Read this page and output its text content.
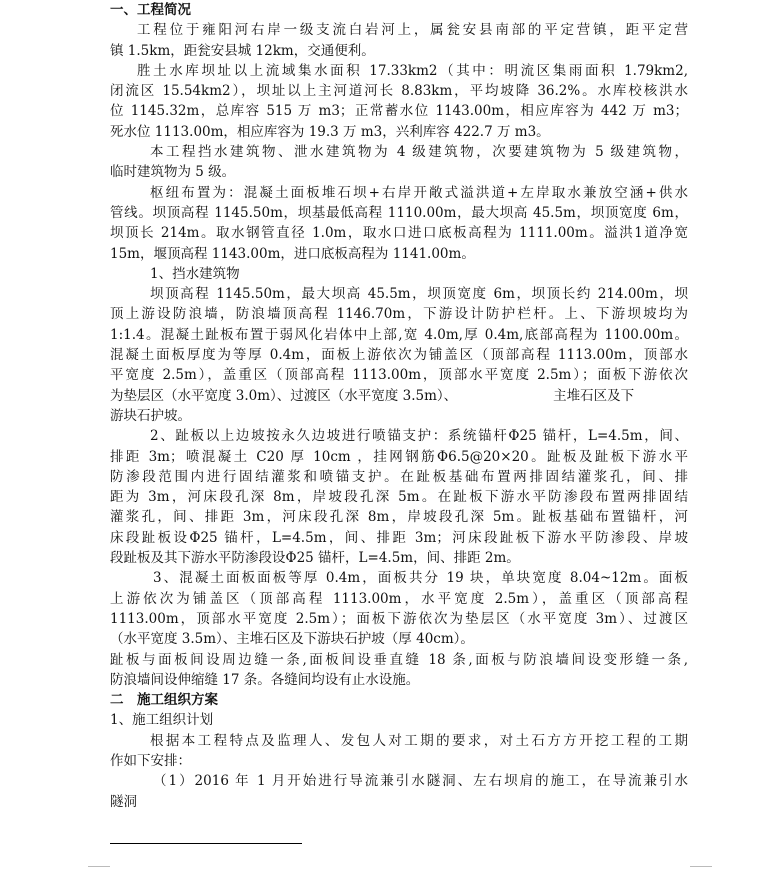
一、工程简况
工程位于雍阳河右岸一级支流白岩河上，属瓮安县南部的平定营镇，距平定营
镇 1.5km，距瓮安县城 12km，交通便利。
胜土水库坝址以上流域集水面积 17.33km2（其中：明流区集雨面积 1.79km2,
闭流区 15.54km2），坝址以上主河道河长 8.83km，平均坡降 36.2%。水库校核洪水
位 1145.32m，总库容 515 万 m3；正常蓄水位 1143.00m，相应库容为 442 万 m3；
死水位 1113.00m，相应库容为 19.3 万 m3，兴利库容 422.7 万 m3。
本工程挡水建筑物、泄水建筑物为 4 级建筑物，次要建筑物为 5 级建筑物，
临时建筑物为 5 级。
枢纽布置为：混凝土面板堆石坝+右岸开敞式溢洪道+左岸取水兼放空涵+供水
管线。坝顶高程 1145.50m，坝基最低高程 1110.00m，最大坝高 45.5m，坝顶宽度 6m，
坝顶长 214m。取水钢管直径 1.0m，取水口进口底板高程为 1111.00m。溢洪1道净宽
15m，堰顶高程 1143.00m，进口底板高程为 1141.00m。
1、挡水建筑物
坝顶高程 1145.50m，最大坝高 45.5m，坝顶宽度 6m，坝顶长约 214.00m，坝
顶上游设防浪墙，防浪墙顶高程 1146.70m，下游设计防护栏杆。上、下游坝坡均为
1:1.4。混凝土趾板布置于弱风化岩体中上部,宽 4.0m,厚 0.4m,底部高程为 1100.00m。
混凝土面板厚度为等厚 0.4m，面板上游依次为铺盖区（顶部高程 1113.00m，顶部水
平宽度 2.5m），盖重区（顶部高程 1113.00m，顶部水平宽度 2.5m）；面板下游依次
为垫层区（水平宽度 3.0m）、过渡区（水平宽度 3.5m）、	主堆石区及下
游块石护坡。
2、趾板以上边坡按永久边坡进行喷锚支护：系统锚杆Φ25 锚杆，L=4.5m，间、
排距 3m；喷混凝土 C20 厚 10cm ，挂网钢筋Φ6.5@20×20。趾板及趾板下游水平
防渗段范围内进行固结灌浆和喷锚支护。在趾板基础布置两排固结灌浆孔，间、排
距为 3m，河床段孔深 8m，岸坡段孔深 5m。在趾板下游水平防渗段布置两排固结
灌浆孔，间、排距 3m，河床段孔深 8m，岸坡段孔深 5m。趾板基础布置锚杆，河
床段趾板设Φ25 锚杆，L=4.5m，间、排距 3m；河床段趾板下游水平防渗段、岸坡
段趾板及其下游水平防渗段设Φ25 锚杆，L=4.5m，间、排距 2m。
3、混凝土面板面板等厚 0.4m，面板共分 19 块，单块宽度 8.04~12m。面板
上游依次为铺盖区（顶部高程 1113.00m，水平宽度 2.5m），盖重区（顶部高程
1113.00m，顶部水平宽度 2.5m）；面板下游依次为垫层区（水平宽度 3m）、过渡区
（水平宽度 3.5m）、主堆石区及下游块石护坡（厚 40cm）。
趾板与面板间设周边缝一条,面板间设垂直缝 18 条,面板与防浪墙间设变形缝一条,
防浪墙间设伸缩缝 17 条。各缝间均设有止水设施。
二　施工组织方案
1、施工组织计划
根据本工程特点及监理人、发包人对工期的要求，对土石方方开挖工程的工期
作如下安排：
（1）2016 年 1 月开始进行导流兼引水隧洞、左右坝肩的施工，在导流兼引水
隧洞
